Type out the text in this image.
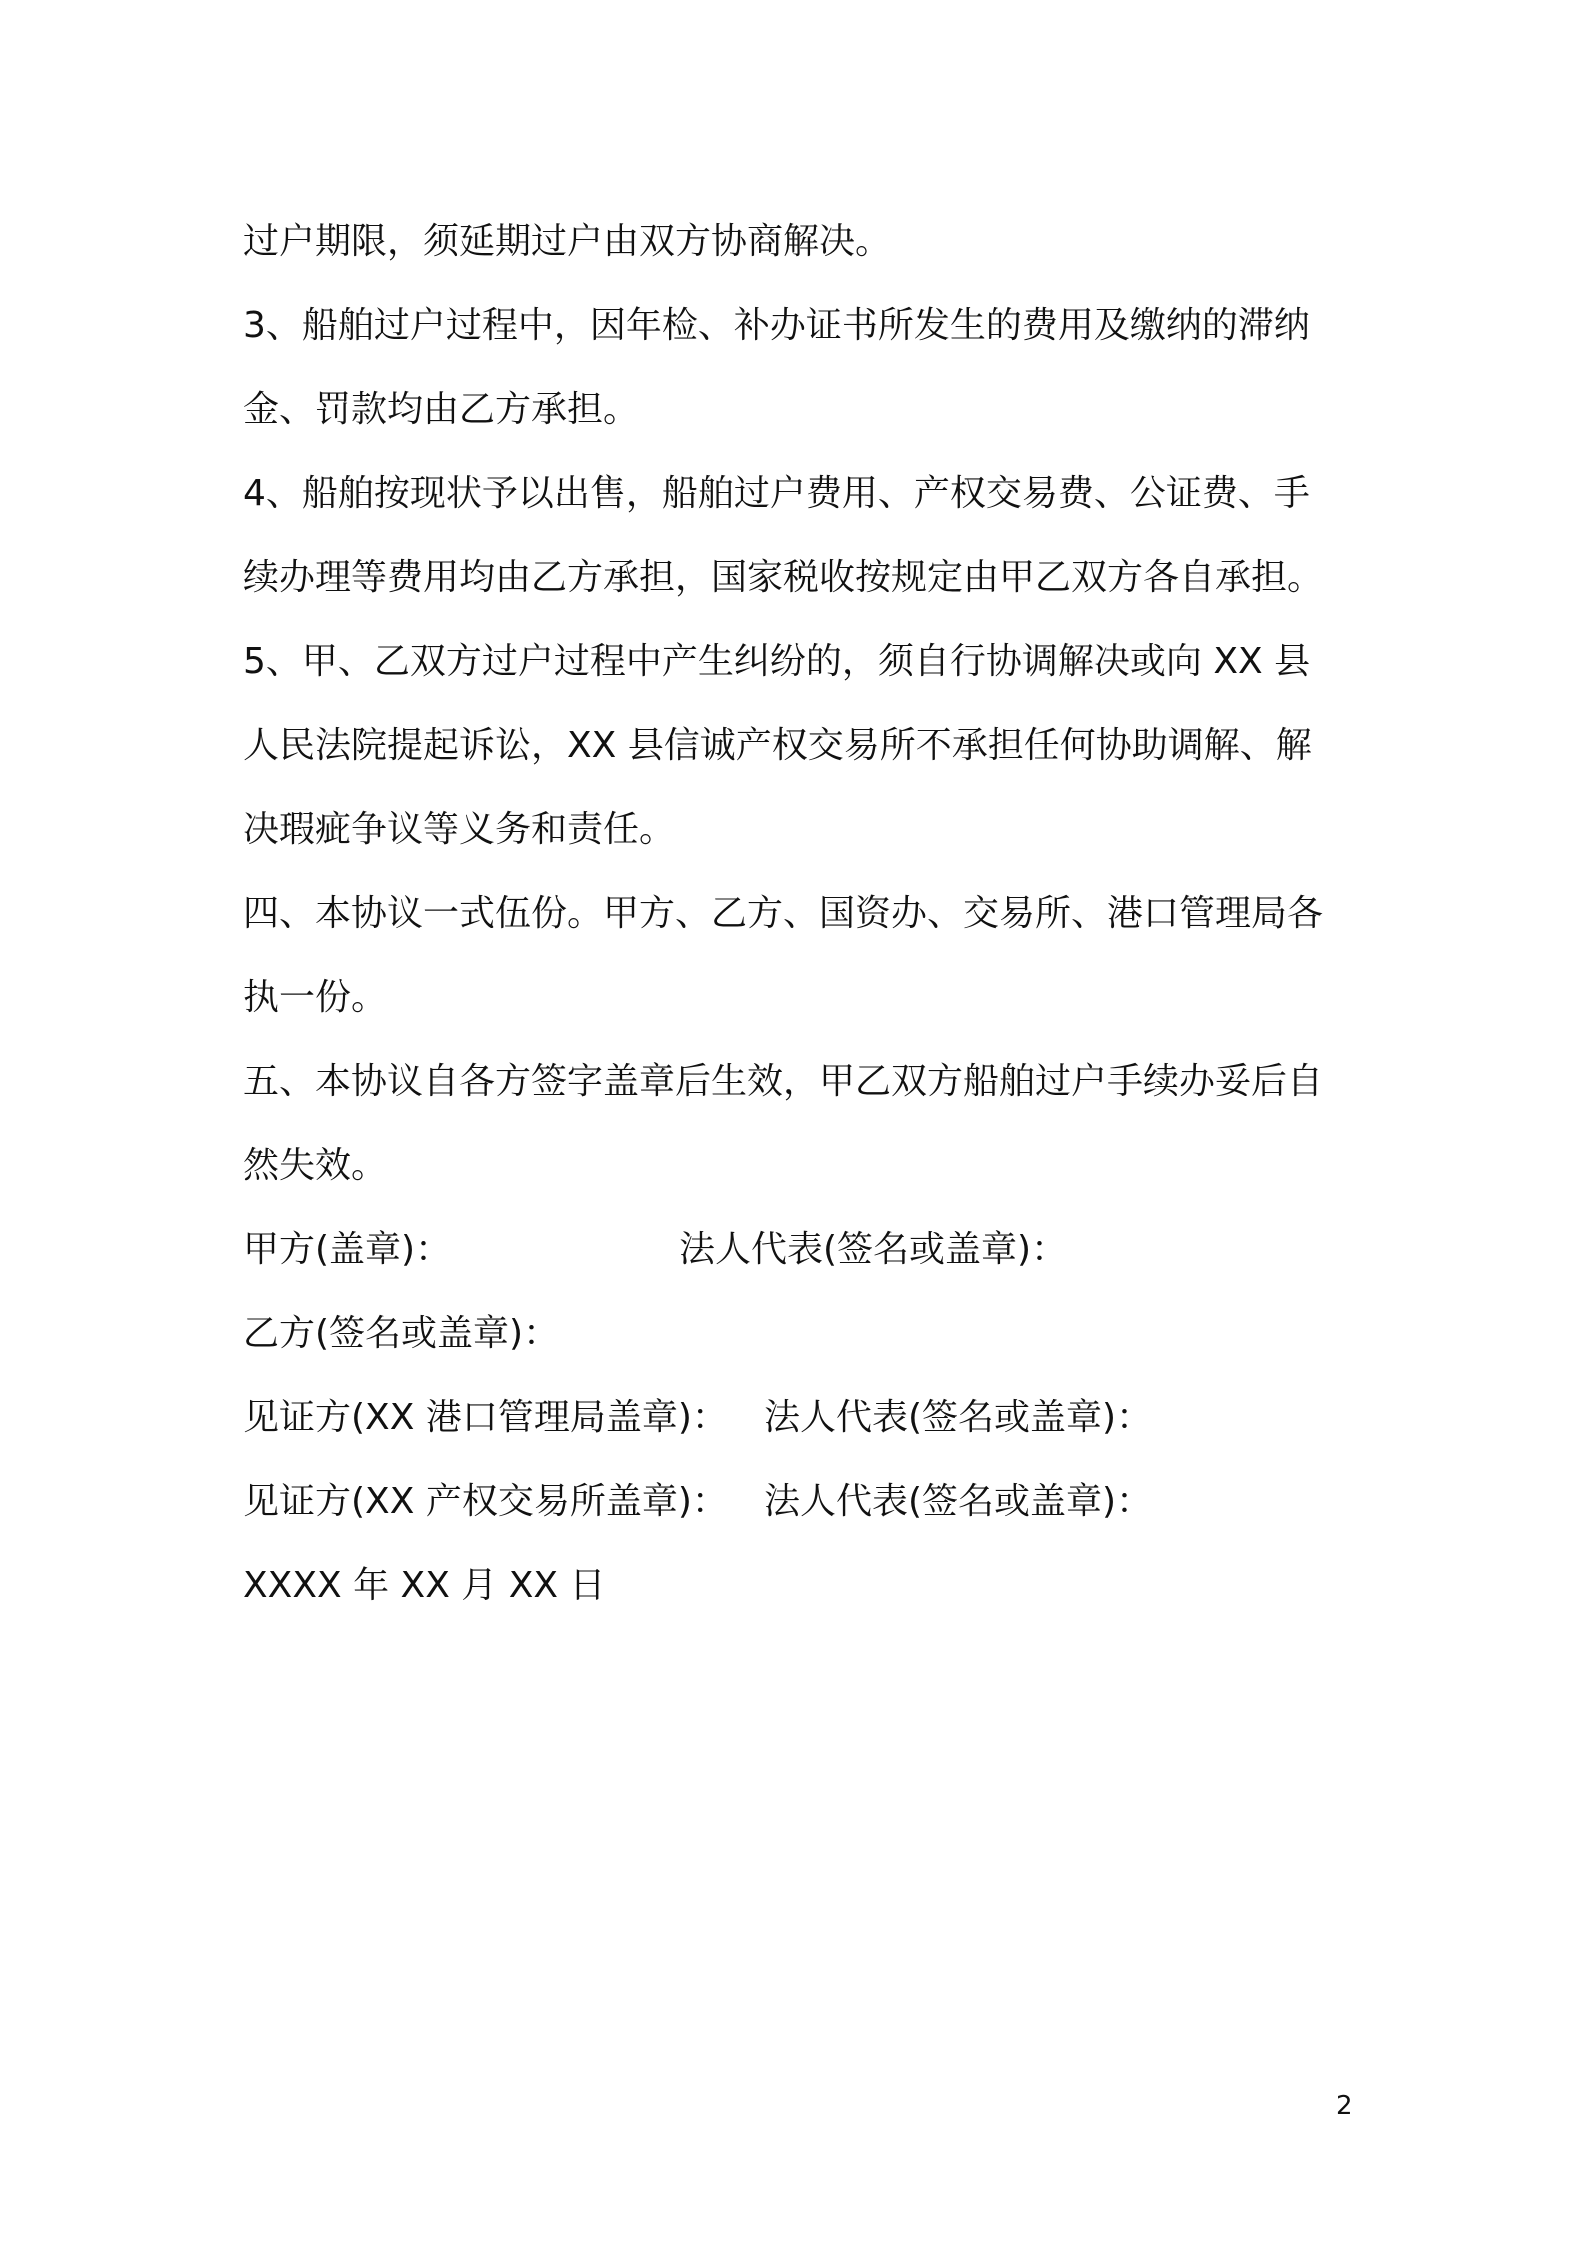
过户期限，须延期过户由双方协商解决。
3、船舶过户过程中，因年检、补办证书所发生的费用及缴纳的滞纳
金、罚款均由乙方承担。
4、船舶按现状予以出售，船舶过户费用、产权交易费、公证费、手
续办理等费用均由乙方承担，国家税收按规定由甲乙双方各自承担。
5、甲、乙双方过户过程中产生纠纷的，须自行协调解决或向 XX 县
人民法院提起诉讼，XX 县信诚产权交易所不承担任何协助调解、解
决瑕疵争议等义务和责任。
四、本协议一式伍份。甲方、乙方、国资办、交易所、港口管理局各
执一份。
五、本协议自各方签字盖章后生效，甲乙双方船舶过户手续办妥后自
然失效。
甲方(盖章)：	法人代表(签名或盖章)：
乙方(签名或盖章)：
见证方(XX 港口管理局盖章)： 法人代表(签名或盖章)：
见证方(XX 产权交易所盖章)： 法人代表(签名或盖章)：
XXXX 年 XX 月 XX 日
2
